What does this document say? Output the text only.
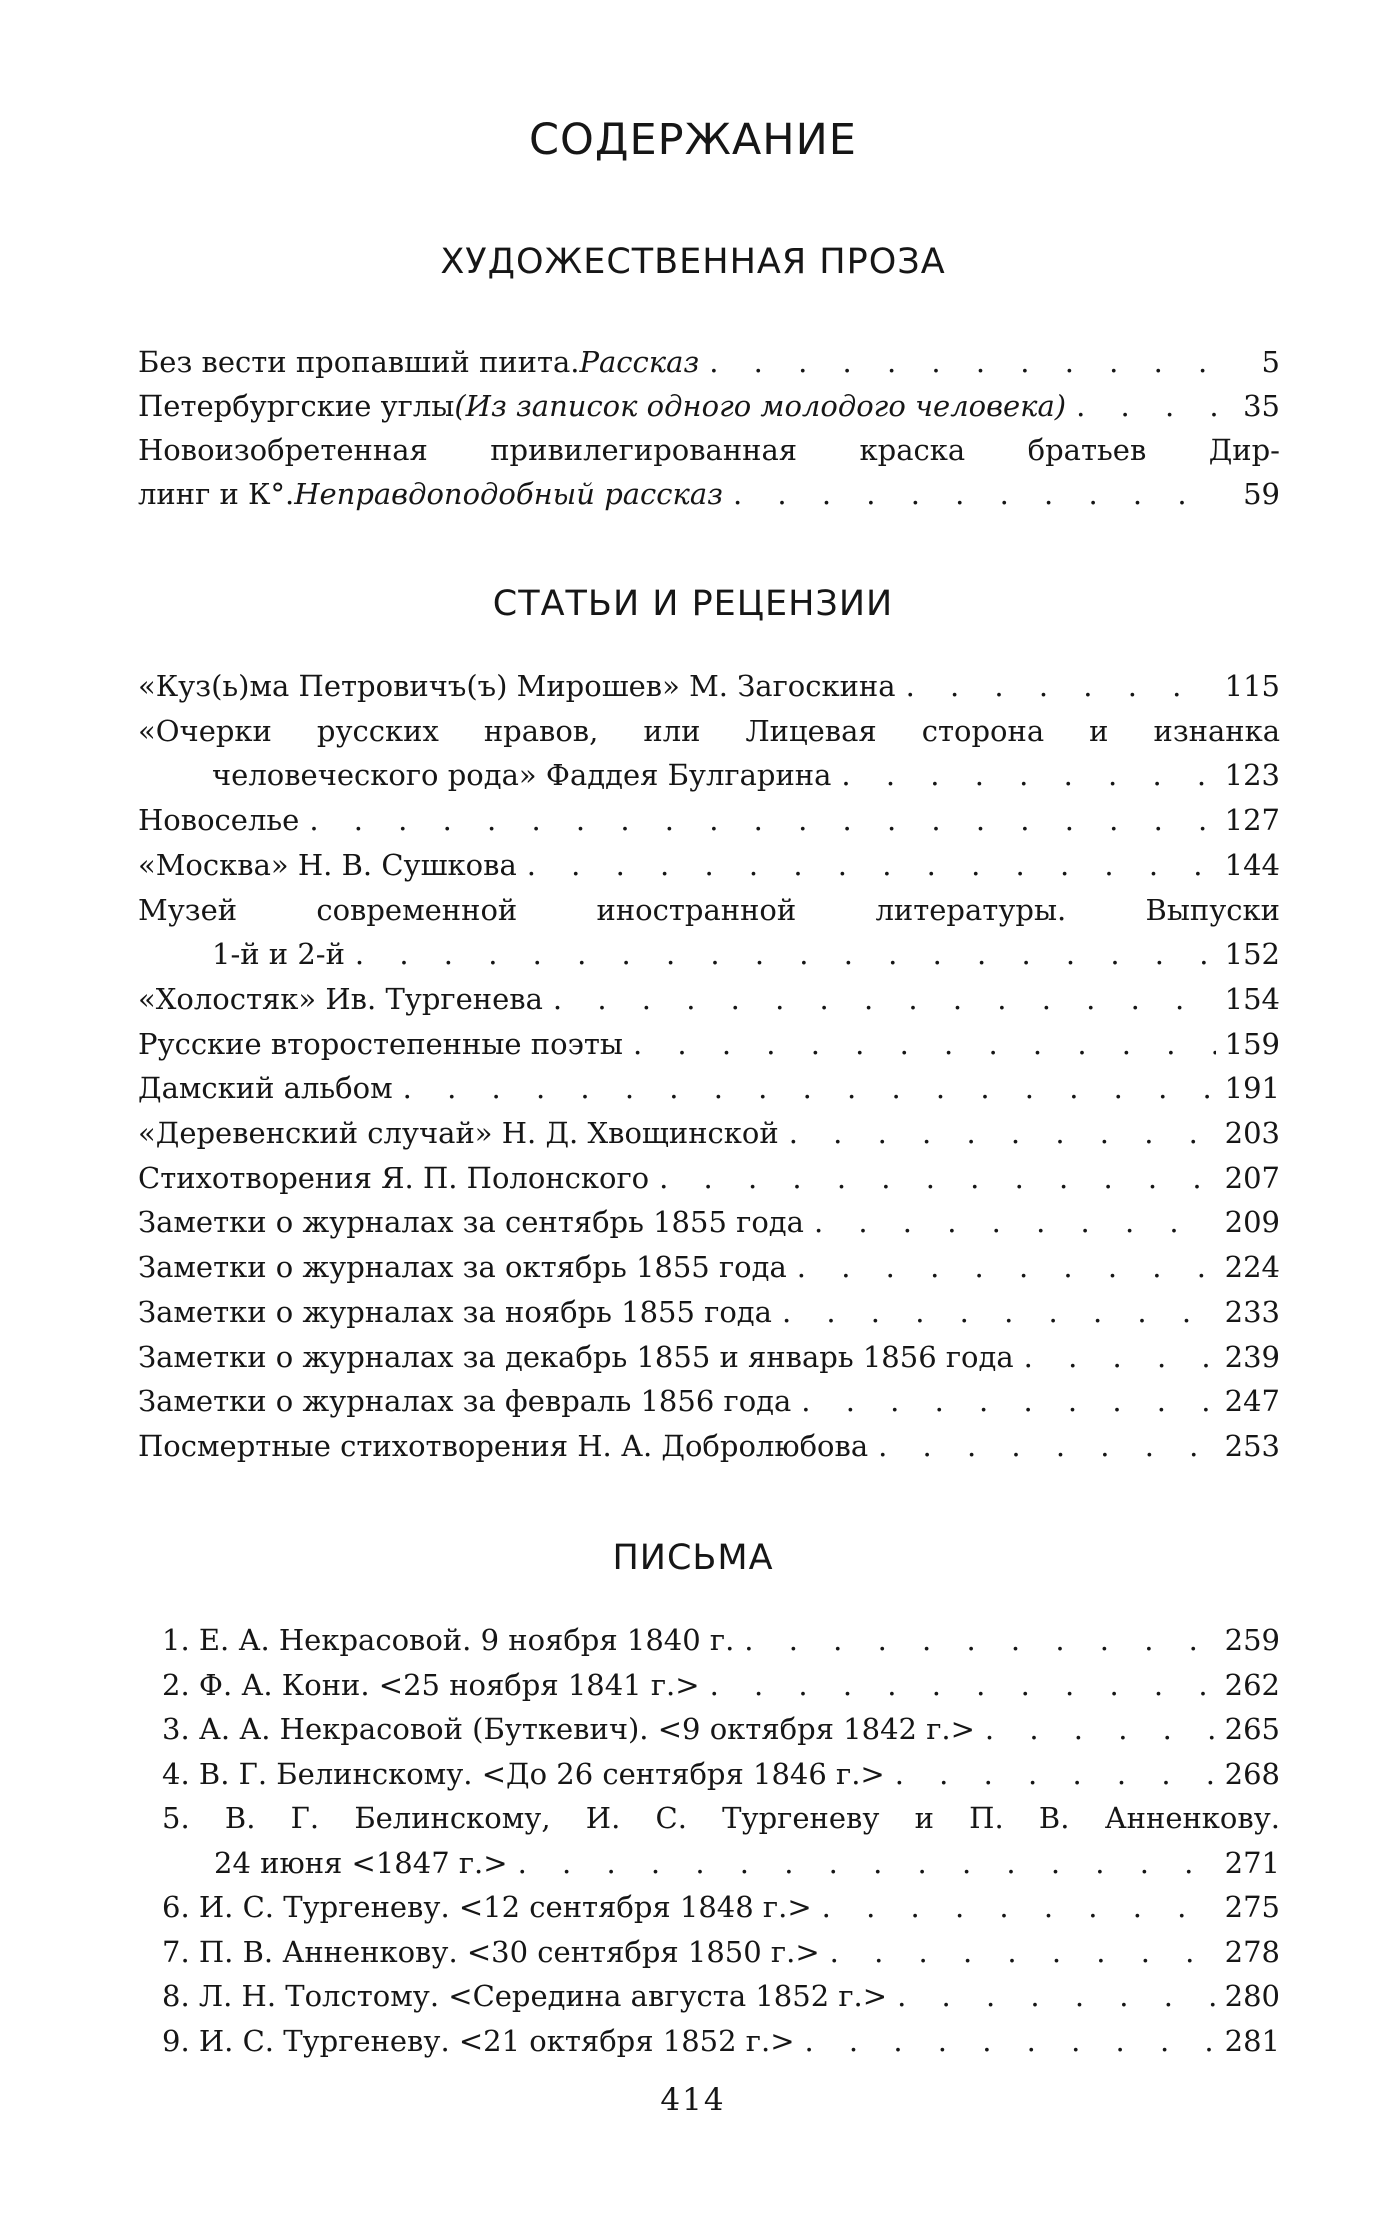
СОДЕРЖАНИЕ
ХУДОЖЕСТВЕННАЯ ПРОЗА
СТАТЬИ И РЕЦЕНЗИИ
ПИСЬМА
Без вести пропавший пиита. Рассказ . . .	5
Петербургские углы (Из записок одного молодого человека) . . .	35
Новоизобретенная привилегированная краска братьев Дир-
линг и К°. Неправдоподобный рассказ . . .	59
«Куз(ь)ма Петровичъ(ъ) Мирошев» М. Загоскина . . .	115
«Очерки русских нравов, или Лицевая сторона и изнанка
человеческого рода» Фаддея Булгарина . . .	123
Новоселье . . .	127
«Москва» Н. В. Сушкова . . .	144
Музей современной иностранной литературы. Выпуски
1-й и 2-й . . .	152
«Холостяк» Ив. Тургенева . . .	154
Русские второстепенные поэты . . .	159
Дамский альбом . . .	191
«Деревенский случай» Н. Д. Хвощинской . . .	203
Стихотворения Я. П. Полонского . . .	207
Заметки о журналах за сентябрь 1855 года . . .	209
Заметки о журналах за октябрь 1855 года . . .	224
Заметки о журналах за ноябрь 1855 года . . .	233
Заметки о журналах за декабрь 1855 и январь 1856 года . . .	239
Заметки о журналах за февраль 1856 года . . .	247
Посмертные стихотворения Н. А. Добролюбова . . .	253
1. Е. А. Некрасовой. 9 ноября 1840 г. . . .	259
2. Ф. А. Кони. <25 ноября 1841 г.> . . .	262
3. А. А. Некрасовой (Буткевич). <9 октября 1842 г.> . . .	265
4. В. Г. Белинскому. <До 26 сентября 1846 г.> . . .	268
5. В. Г. Белинскому, И. С. Тургеневу и П. В. Анненкову.
24 июня <1847 г.> . . .	271
6. И. С. Тургеневу. <12 сентября 1848 г.> . . .	275
7. П. В. Анненкову. <30 сентября 1850 г.> . . .	278
8. Л. Н. Толстому. <Середина августа 1852 г.> . . .	280
9. И. С. Тургеневу. <21 октября 1852 г.> . . .	281
414
